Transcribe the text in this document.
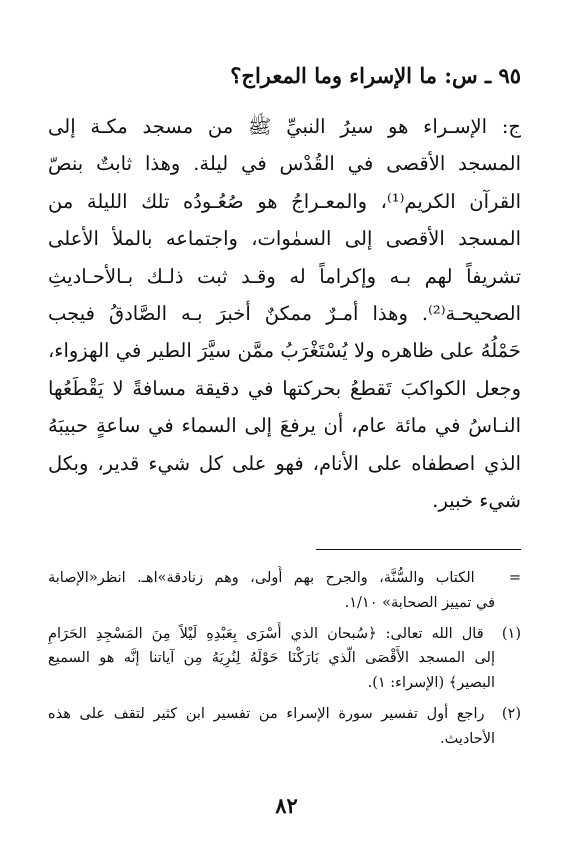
٩٥ ـ س: ما الإسراء وما المعراج؟
ج: الإسـراء هو سيرُ النبيِّ ﷺ من مسجد مكـة إلى
المسجد الأقصى في القُدْس في ليلة. وهذا ثابتٌ بنصّ
القرآن الكريم⁽¹⁾، والمعـراجُ هو صُعُـودُه تلك الليلة من
المسجد الأقصى إلى السمٰوات، واجتماعه بالملأ الأعلى
تشريفاً لهم بـه وإكراماً له وقـد ثبت ذلـك بـالأحـاديثِ
الصحيحـة⁽²⁾. وهذا أمـرٌ ممكنٌ أخبرَ بـه الصَّادقُ فيجب
حَمْلُهُ على ظاهره ولا يُسْتَغْرَبُ ممَّن سيَّرَ الطير في الهزواء،
وجعل الكواكبَ تَقطعُ بحركتها في دقيقة مسافةً لا يَقْطَعُها
النـاسُ في مائة عام، أن يرفعَ إلى السماء في ساعةٍ حبيبَهُ
الذي اصطفاه على الأنام، فهو على كل شيء قدير، وبكل
شيء خبير.
=   الكتاب والسُّنَّة، والجرح بهم أُولى، وهم زنادقة»اهـ. انظر«الإصابة
في تمييز الصحابة» ١/١٠.
(١)  قال الله تعالى: ﴿سُبحان الذي أَسْرَى بِعَبْدِهِ لَيْلاً مِنَ المَسْجِدِ الحَرَامِ
إلى المسجد الأَقْصَى الَّذي بَارَكْنَا حَوْلَهُ لِنُرِيَهُ مِن آياتنا إنَّه هو السميع
البصير﴾ (الإسراء: ١).
(٢)  راجع أول تفسير سورة الإسراء من تفسير ابن كثير لتقف على هذه
الأحاديث.
٨٢
